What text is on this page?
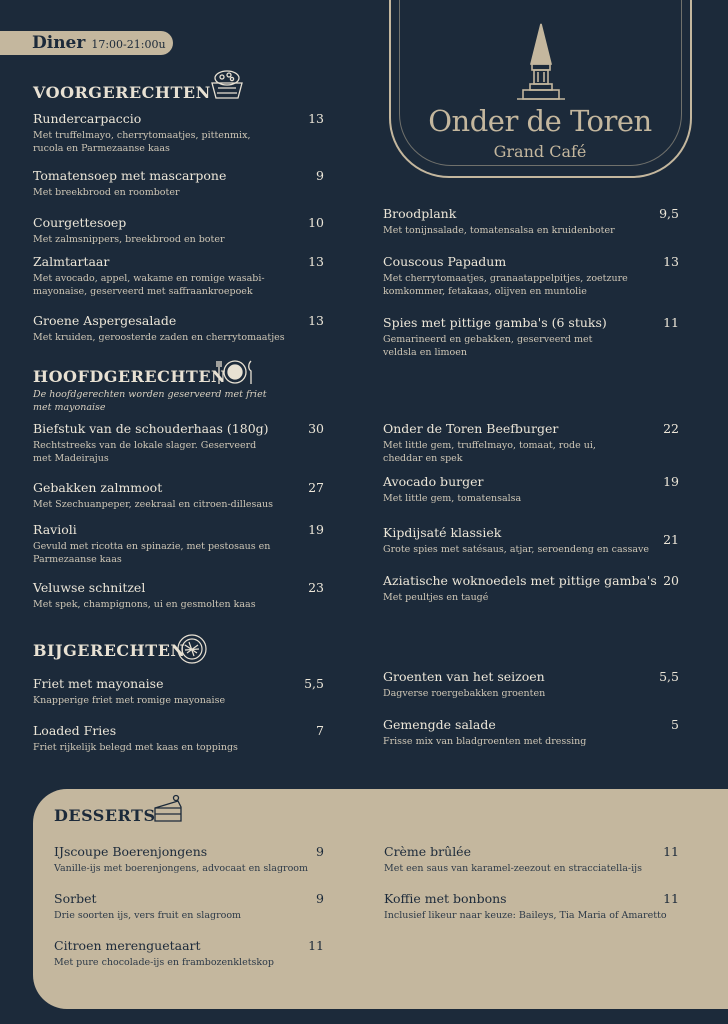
Diner 17:00-21:00u
Onder de Toren
Grand Café
VOORGERECHTEN
Rundercarpaccio
Met truffelmayo, cherrytomaatjes, pittenmix, rucola en Parmezaanse kaas
13
Tomatensoep met mascarpone
Met breekbrood en roomboter
9
Courgettesoep
Met zalmsnippers, breekbrood en boter
10
Zalmtartaar
Met avocado, appel, wakame en romige wasabi-mayonaise, geserveerd met saffraankroepoek
13
Groene Aspergesalade
Met kruiden, geroosterde zaden en cherrytomaatjes
13
Broodplank
Met tonijnsalade, tomatensalsa en kruidenboter
9,5
Couscous Papadum
Met cherrytomaatjes, granaatappelpitjes, zoetzure komkommer, fetakaas, olijven en muntolie
13
Spies met pittige gamba's (6 stuks)
Gemarineerd en gebakken, geserveerd met veldsla en limoen
11
HOOFDGERECHTEN
De hoofdgerechten worden geserveerd met friet met mayonaise
Biefstuk van de schouderhaas (180g)
Rechtstreeks van de lokale slager. Geserveerd met Madeirajus
30
Gebakken zalmmoot
Met Szechuanpeper, zeekraal en citroen-dillesaus
27
Ravioli
Gevuld met ricotta en spinazie, met pestosaus en Parmezaanse kaas
19
Veluwse schnitzel
Met spek, champignons, ui en gesmolten kaas
23
Onder de Toren Beefburger
Met little gem, truffelmayo, tomaat, rode ui, cheddar en spek
22
Avocado burger
Met little gem, tomatensalsa
19
Kipdijsaté klassiek
Grote spies met satésaus, atjar, seroendeng en cassave
21
Aziatische woknoedels met pittige gamba's
Met peultjes en taugé
20
BIJGERECHTEN
Friet met mayonaise
Knapperige friet met romige mayonaise
5,5
Loaded Fries
Friet rijkelijk belegd met kaas en toppings
7
Groenten van het seizoen
Dagverse roergebakken groenten
5,5
Gemengde salade
Frisse mix van bladgroenten met dressing
5
DESSERTS
IJscoupe Boerenjongens
Vanille-ijs met boerenjongens, advocaat en slagroom
9
Sorbet
Drie soorten ijs, vers fruit en slagroom
9
Citroen merenguetaart
Met pure chocolade-ijs en frambozenkletskop
11
Crème brûlée
Met een saus van karamel-zeezout en stracciatella-ijs
11
Koffie met bonbons
Inclusief likeur naar keuze: Baileys, Tia Maria of Amaretto
11
